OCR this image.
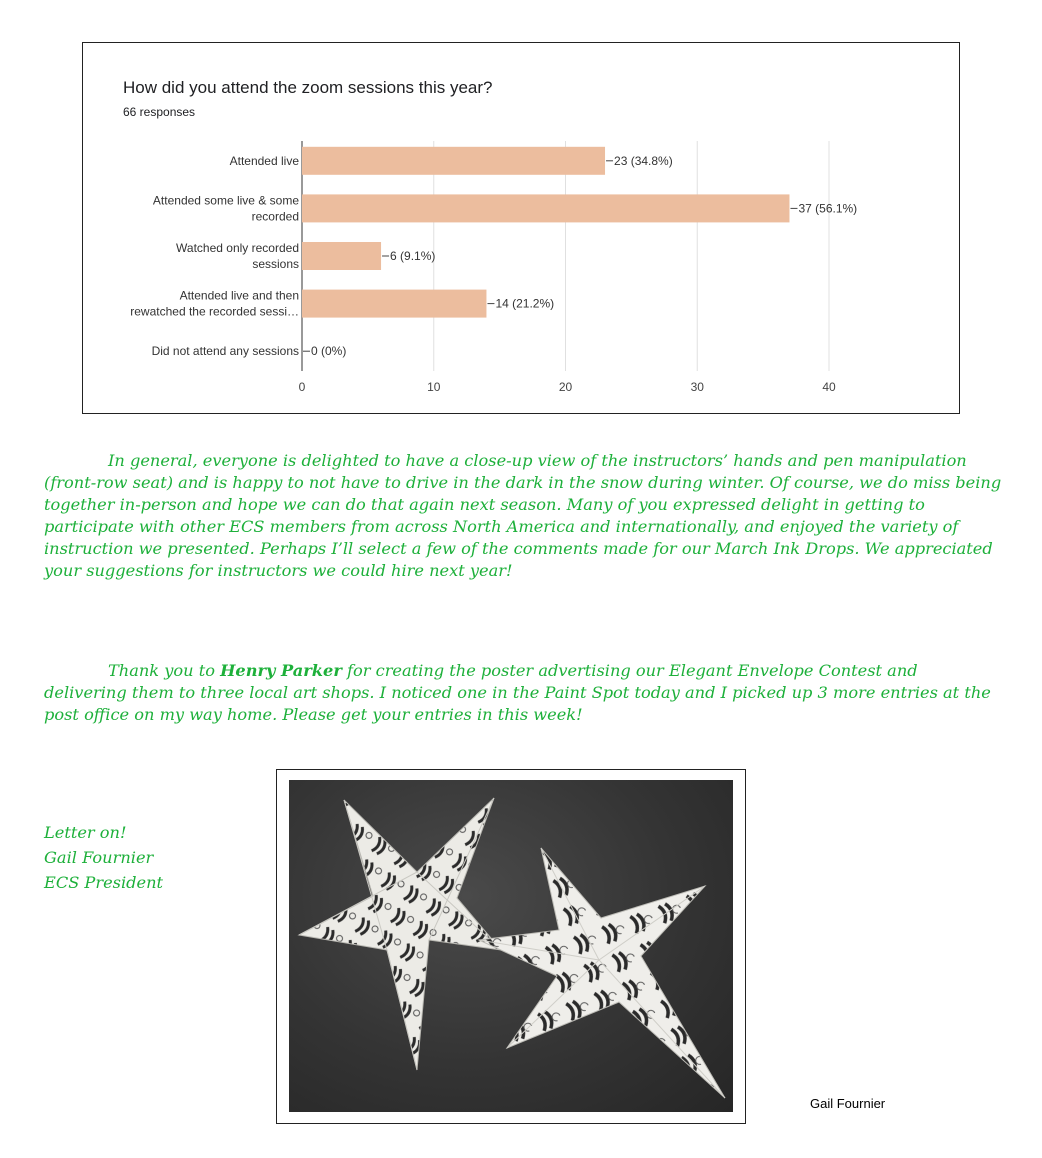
How did you attend the zoom sessions this year?
66 responses
0	10	20	30	40
23 (34.8%)
Attended live
37 (56.1%)
Attended some live & some
recorded
6 (9.1%)
Watched only recorded
sessions
14 (21.2%)
Attended live and then
rewatched the recorded sessi…
0 (0%)
Did not attend any sessions

In general, everyone is delighted to have a close-up view of the instructors’ hands and pen manipulation (front-row seat) and is happy to not have to drive in the dark in the snow during winter. Of course, we do miss being together in-person and hope we can do that again next season. Many of you expressed delight in getting to participate with other ECS members from across North America and internationally, and enjoyed the variety of instruction we presented. Perhaps I’ll select a few of the comments made for our March Ink Drops. We appreciated your suggestions for instructors we could hire next year!

Thank you to Henry Parker for creating the poster advertising our Elegant Envelope Contest and delivering them to three local art shops. I noticed one in the Paint Spot today and I picked up 3 more entries at the post office on my way home. Please get your entries in this week!

Letter on!
Gail Fournier
ECS President
Gail Fournier
